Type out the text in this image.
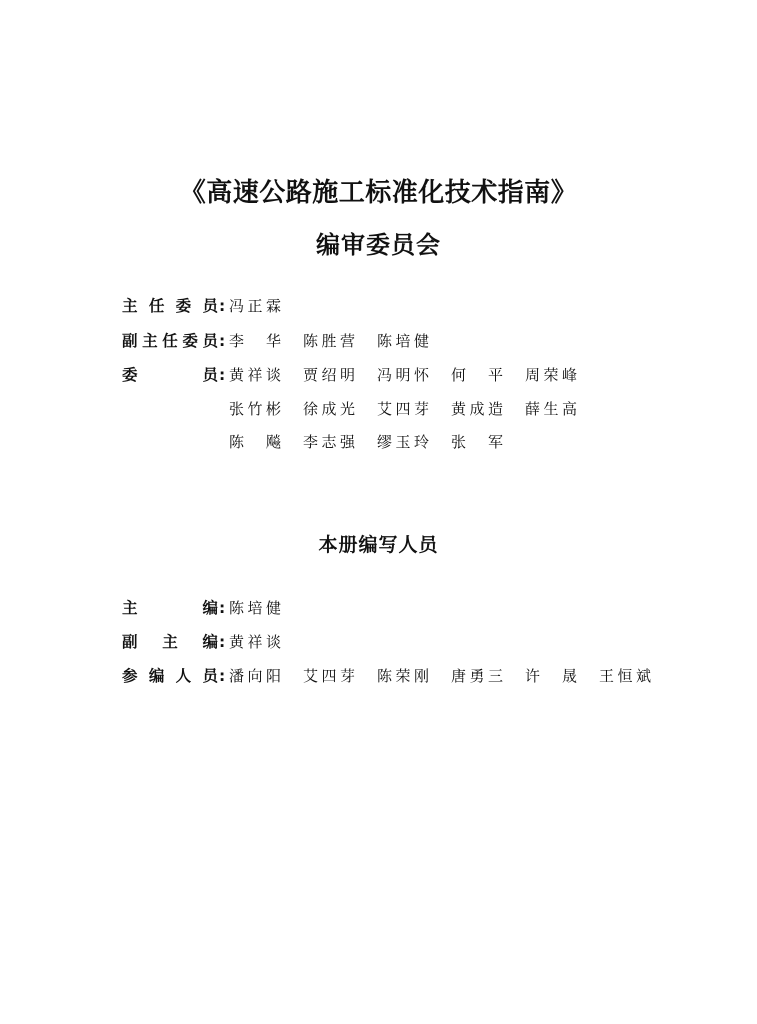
《高速公路施工标准化技术指南》
编审委员会
主任委员 : 冯正霖
副主任委员 : 李　华 陈胜营 陈培健
委员 : 黄祥谈 贾绍明 冯明怀 何　平 周荣峰
张竹彬 徐成光 艾四芽 黄成造 薛生高
陈　飚 李志强 缪玉玲 张　军
本册编写人员
主编 : 陈培健
副主编 : 黄祥谈
参编人员 : 潘向阳 艾四芽 陈荣刚 唐勇三 许　晟 王恒斌
